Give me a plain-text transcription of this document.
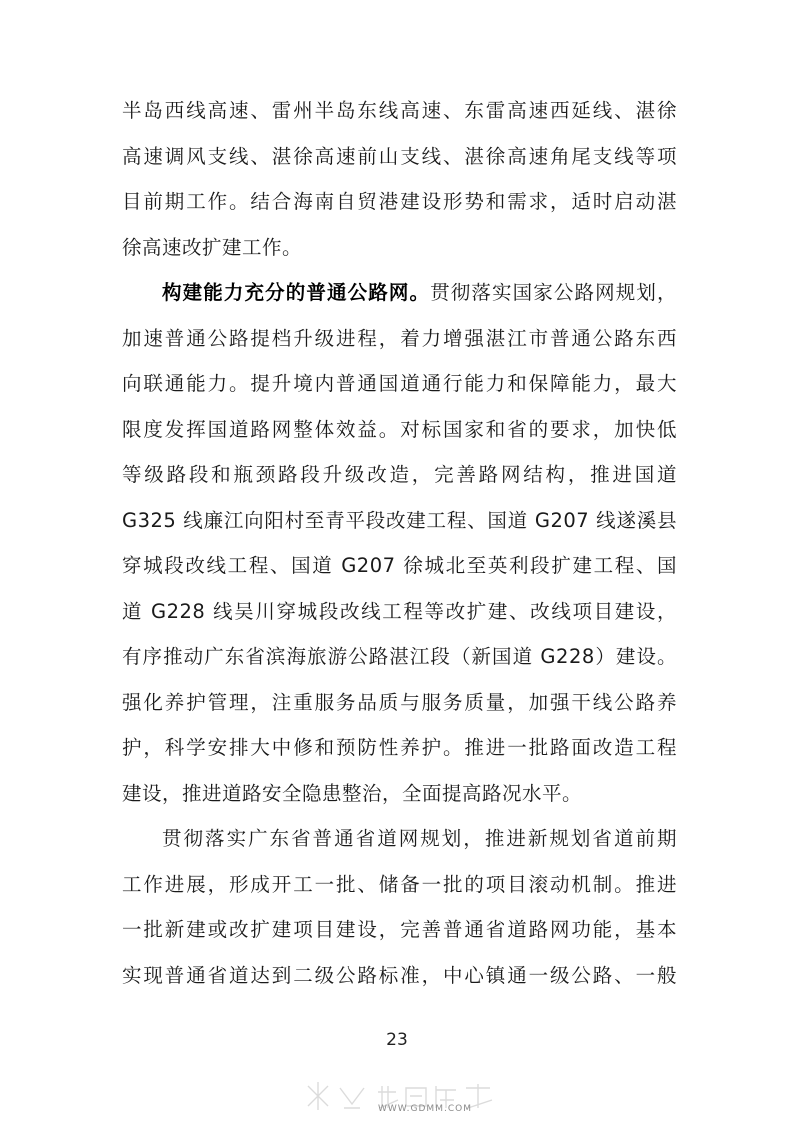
半岛西线高速、雷州半岛东线高速、东雷高速西延线、湛徐
高速调风支线、湛徐高速前山支线、湛徐高速角尾支线等项
目前期工作。结合海南自贸港建设形势和需求，适时启动湛
徐高速改扩建工作。
构建能力充分的普通公路网。贯彻落实国家公路网规划，
加速普通公路提档升级进程，着力增强湛江市普通公路东西
向联通能力。提升境内普通国道通行能力和保障能力，最大
限度发挥国道路网整体效益。对标国家和省的要求，加快低
等级路段和瓶颈路段升级改造，完善路网结构，推进国道
G325 线廉江向阳村至青平段改建工程、国道 G207 线遂溪县
穿城段改线工程、国道 G207 徐城北至英利段扩建工程、国
道 G228 线吴川穿城段改线工程等改扩建、改线项目建设，
有序推动广东省滨海旅游公路湛江段（新国道 G228）建设。
强化养护管理，注重服务品质与服务质量，加强干线公路养
护，科学安排大中修和预防性养护。推进一批路面改造工程
建设，推进道路安全隐患整治，全面提高路况水平。
贯彻落实广东省普通省道网规划，推进新规划省道前期
工作进展，形成开工一批、储备一批的项目滚动机制。推进
一批新建或改扩建项目建设，完善普通省道路网功能，基本
实现普通省道达到二级公路标准，中心镇通一级公路、一般
23
WWW.GDMM.COM
